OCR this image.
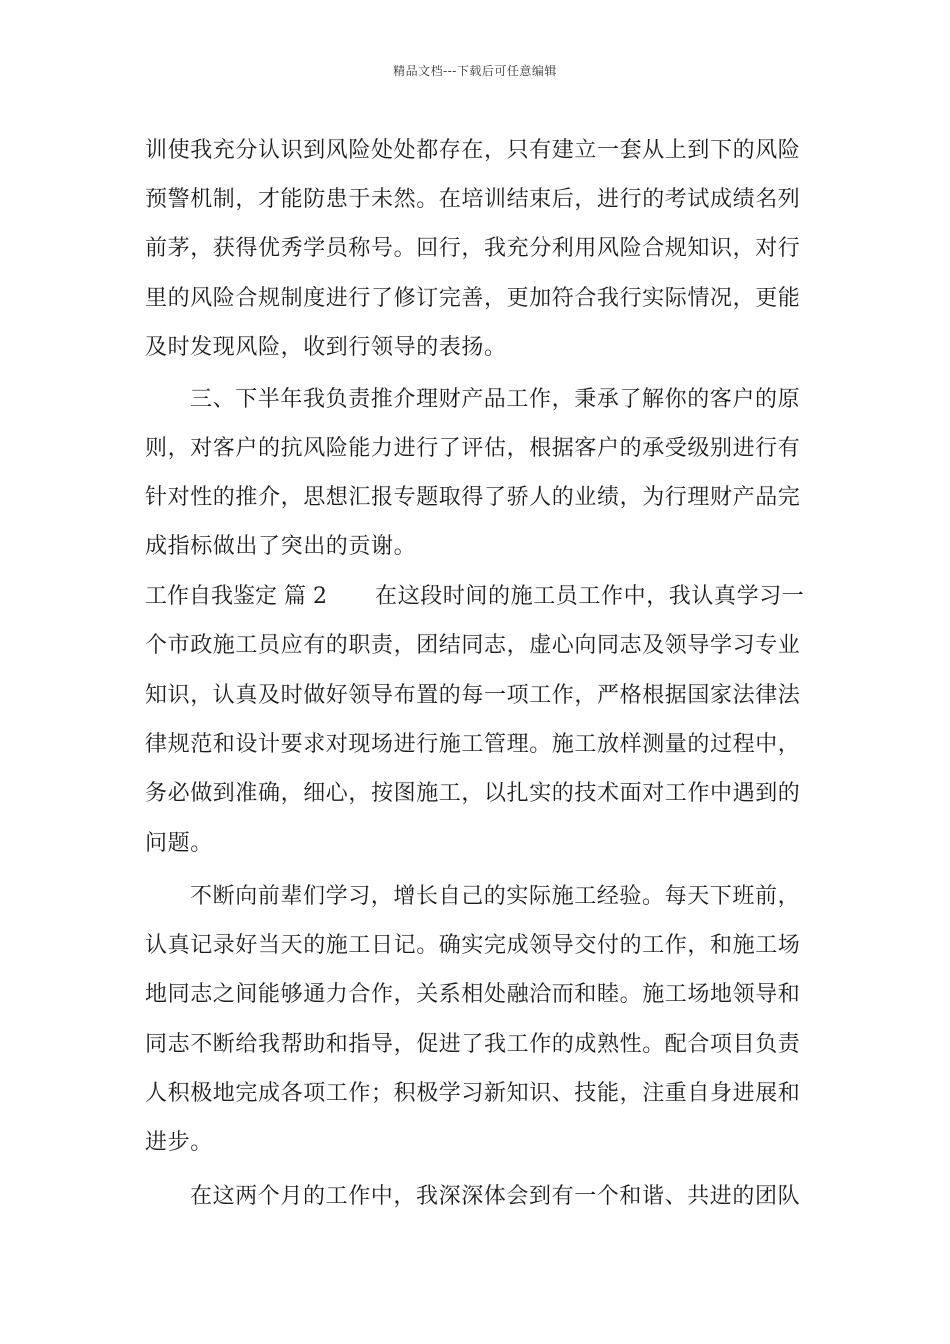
精品文档---下载后可任意编辑
训使我充分认识到风险处处都存在，只有建立一套从上到下的风险
预警机制，才能防患于未然。在培训结束后，进行的考试成绩名列
前茅，获得优秀学员称号。回行，我充分利用风险合规知识，对行
里的风险合规制度进行了修订完善，更加符合我行实际情况，更能
及时发现风险，收到行领导的表扬。
三、下半年我负责推介理财产品工作，秉承了解你的客户的原
则，对客户的抗风险能力进行了评估，根据客户的承受级别进行有
针对性的推介，思想汇报专题取得了骄人的业绩，为行理财产品完
成指标做出了突出的贡谢。
工作自我鉴定 篇 2 在这段时间的施工员工作中，我认真学习一
个市政施工员应有的职责，团结同志，虚心向同志及领导学习专业
知识，认真及时做好领导布置的每一项工作，严格根据国家法律法
律规范和设计要求对现场进行施工管理。施工放样测量的过程中，
务必做到准确，细心，按图施工，以扎实的技术面对工作中遇到的
问题。
不断向前辈们学习，增长自己的实际施工经验。每天下班前，
认真记录好当天的施工日记。确实完成领导交付的工作，和施工场
地同志之间能够通力合作，关系相处融洽而和睦。施工场地领导和
同志不断给我帮助和指导，促进了我工作的成熟性。配合项目负责
人积极地完成各项工作；积极学习新知识、技能，注重自身进展和
进步。
在这两个月的工作中，我深深体会到有一个和谐、共进的团队
